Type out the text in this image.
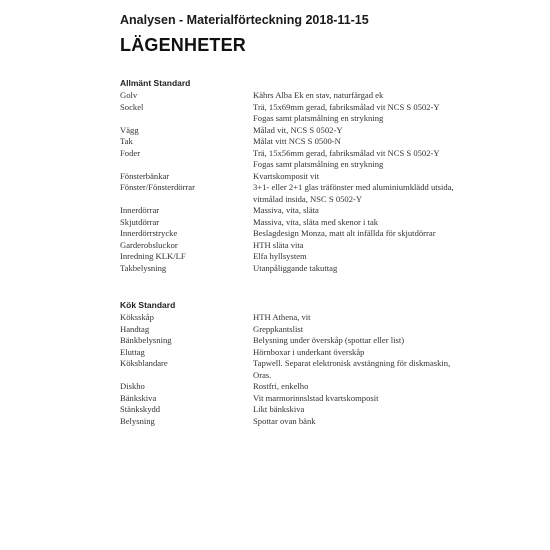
Analysen - Materialförteckning 2018-11-15
LÄGENHETER
Allmänt Standard
Golv	Kährs Alba Ek en stav, naturfärgad ek
Sockel	Trä, 15x69mm gerad, fabriksmålad vit NCS S 0502-Y
Fogas samt platsmålning en strykning
Vägg	Målad vit, NCS S 0502-Y
Tak	Målat vitt NCS S 0500-N
Foder	Trä, 15x56mm gerad, fabriksmålad vit NCS S 0502-Y
Fogas samt platsmålning en strykning
Fönsterbänkar	Kvartskomposit vit
Fönster/Fönsterdörrar	3+1- eller 2+1 glas träfönster med aluminiumklädd utsida,
vitmålad insida, NSC S 0502-Y
Innerdörrar	Massiva, vita, släta
Skjutdörrar	Massiva, vita, släta med skenor i tak
Innerdörrstrycke	Beslagdesign Monza, matt alt infällda för skjutdörrar
Garderobsluckor	HTH släta vita
Inredning KLK/LF	Elfa hyllsystem
Takbelysning	Utanpåliggande takuttag
Kök Standard
Köksskåp	HTH Athena, vit
Handtag	Greppkantslist
Bänkbelysning	Belysning under överskåp (spottar eller list)
Eluttag	Hörnboxar i underkant överskåp
Köksblandare	Tapwell. Separat elektronisk avstängning för diskmaskin,
Oras.
Diskho	Rostfri, enkelho
Bänkskiva	Vit marmorinnslstad kvartskomposit
Stänkskydd	Likt bänkskiva
Belysning	Spottar ovan bänk
